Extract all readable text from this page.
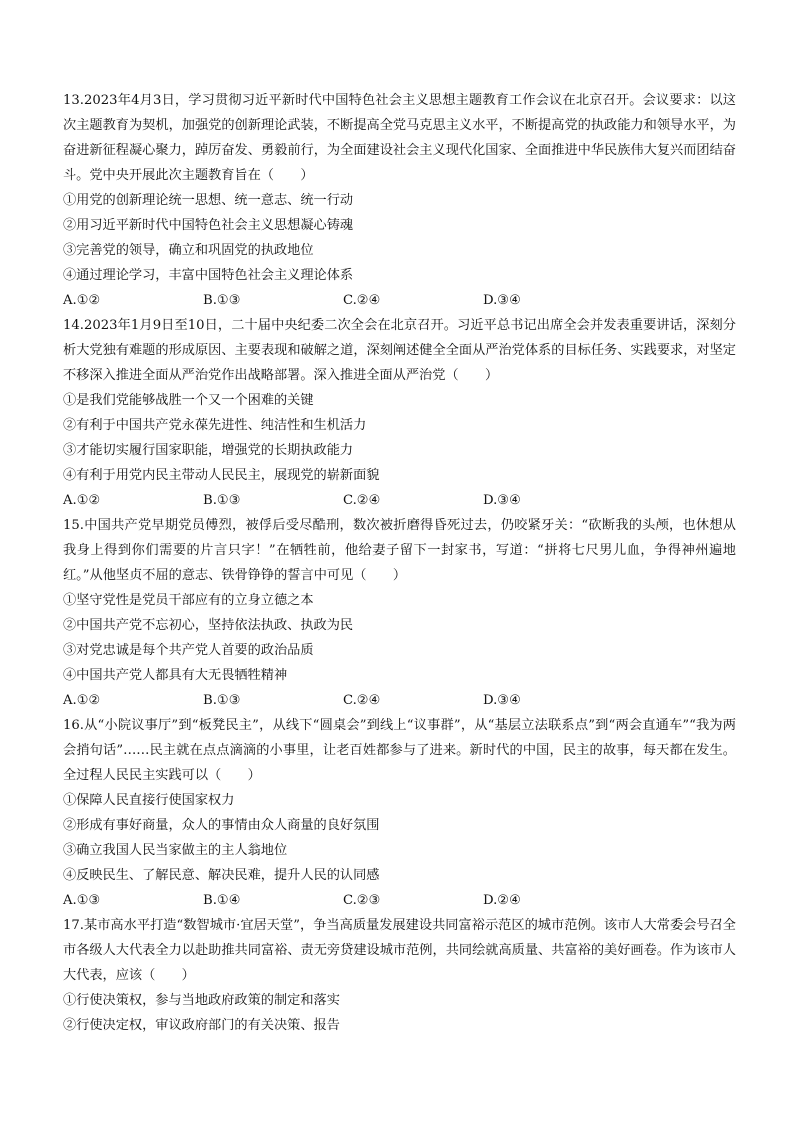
13.2023年4月3日，学习贯彻习近平新时代中国特色社会主义思想主题教育工作会议在北京召开。会议要求：以这次主题教育为契机，加强党的创新理论武装，不断提高全党马克思主义水平，不断提高党的执政能力和领导水平，为奋进新征程凝心聚力，踔厉奋发、勇毅前行，为全面建设社会主义现代化国家、全面推进中华民族伟大复兴而团结奋斗。党中央开展此次主题教育旨在（　　）

①用党的创新理论统一思想、统一意志、统一行动

②用习近平新时代中国特色社会主义思想凝心铸魂

③完善党的领导，确立和巩固党的执政地位

④通过理论学习，丰富中国特色社会主义理论体系

A.①②	B.①③	C.②④	D.③④

14.2023年1月9日至10日，二十届中央纪委二次全会在北京召开。习近平总书记出席全会并发表重要讲话，深刻分析大党独有难题的形成原因、主要表现和破解之道，深刻阐述健全全面从严治党体系的目标任务、实践要求，对坚定不移深入推进全面从严治党作出战略部署。深入推进全面从严治党（　　）

①是我们党能够战胜一个又一个困难的关键

②有利于中国共产党永葆先进性、纯洁性和生机活力

③才能切实履行国家职能，增强党的长期执政能力

④有利于用党内民主带动人民民主，展现党的崭新面貌

A.①②	B.①③	C.②④	D.③④

15.中国共产党早期党员傅烈，被俘后受尽酷刑，数次被折磨得昏死过去，仍咬紧牙关：“砍断我的头颅，也休想从我身上得到你们需要的片言只字！”在牺牲前，他给妻子留下一封家书，写道：“拼将七尺男儿血，争得神州遍地红。”从他坚贞不屈的意志、铁骨铮铮的誓言中可见（　　）

①坚守党性是党员干部应有的立身立德之本

②中国共产党不忘初心，坚持依法执政、执政为民

③对党忠诚是每个共产党人首要的政治品质

④中国共产党人都具有大无畏牺牲精神

A.①②	B.①③	C.②④	D.③④

16.从“小院议事厅”到“板凳民主”，从线下“圆桌会”到线上“议事群”，从“基层立法联系点”到“两会直通车”“我为两会捎句话”……民主就在点点滴滴的小事里，让老百姓都参与了进来。新时代的中国，民主的故事，每天都在发生。全过程人民民主实践可以（　　）

①保障人民直接行使国家权力

②形成有事好商量，众人的事情由众人商量的良好氛围

③确立我国人民当家做主的主人翁地位

④反映民生、了解民意、解决民难，提升人民的认同感

A.①③	B.①④	C.②③	D.②④

17.某市高水平打造“数智城市·宜居天堂”，争当高质量发展建设共同富裕示范区的城市范例。该市人大常委会号召全市各级人大代表全力以赴助推共同富裕、责无旁贷建设城市范例，共同绘就高质量、共富裕的美好画卷。作为该市人大代表，应该（　　）

①行使决策权，参与当地政府政策的制定和落实

②行使决定权，审议政府部门的有关决策、报告
